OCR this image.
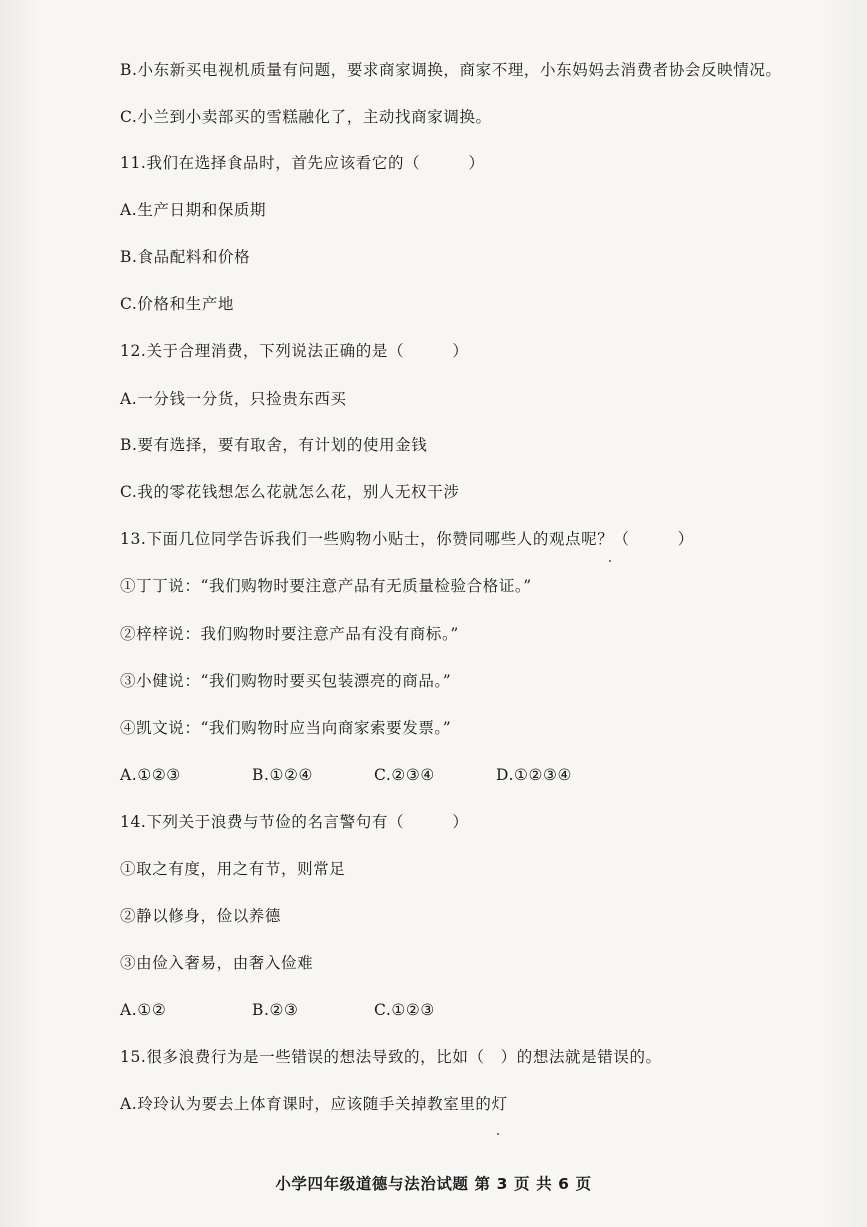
B.小东新买电视机质量有问题，要求商家调换，商家不理，小东妈妈去消费者协会反映情况。
C.小兰到小卖部买的雪糕融化了，主动找商家调换。
11.我们在选择食品时，首先应该看它的（　　　）
A.生产日期和保质期
B.食品配料和价格
C.价格和生产地
12.关于合理消费，下列说法正确的是（　　　）
A.一分钱一分货，只捡贵东西买
B.要有选择，要有取舍，有计划的使用金钱
C.我的零花钱想怎么花就怎么花，别人无权干涉
13.下面几位同学告诉我们一些购物小贴士，你赞同哪些人的观点呢？（　　　）
①丁丁说：“我们购物时要注意产品有无质量检验合格证。”
②梓梓说：我们购物时要注意产品有没有商标。”
③小健说：“我们购物时要买包装漂亮的商品。”
④凯文说：“我们购物时应当向商家索要发票。”
A.①②③	B.①②④	C.②③④	D.①②③④
14.下列关于浪费与节俭的名言警句有（　　　）
①取之有度，用之有节，则常足
②静以修身，俭以养德
③由俭入奢易，由奢入俭难
A.①②	B.②③	C.①②③
15.很多浪费行为是一些错误的想法导致的，比如（　）的想法就是错误的。
A.玲玲认为要去上体育课时，应该随手关掉教室里的灯
小学四年级道德与法治试题 第 3 页 共 6 页
